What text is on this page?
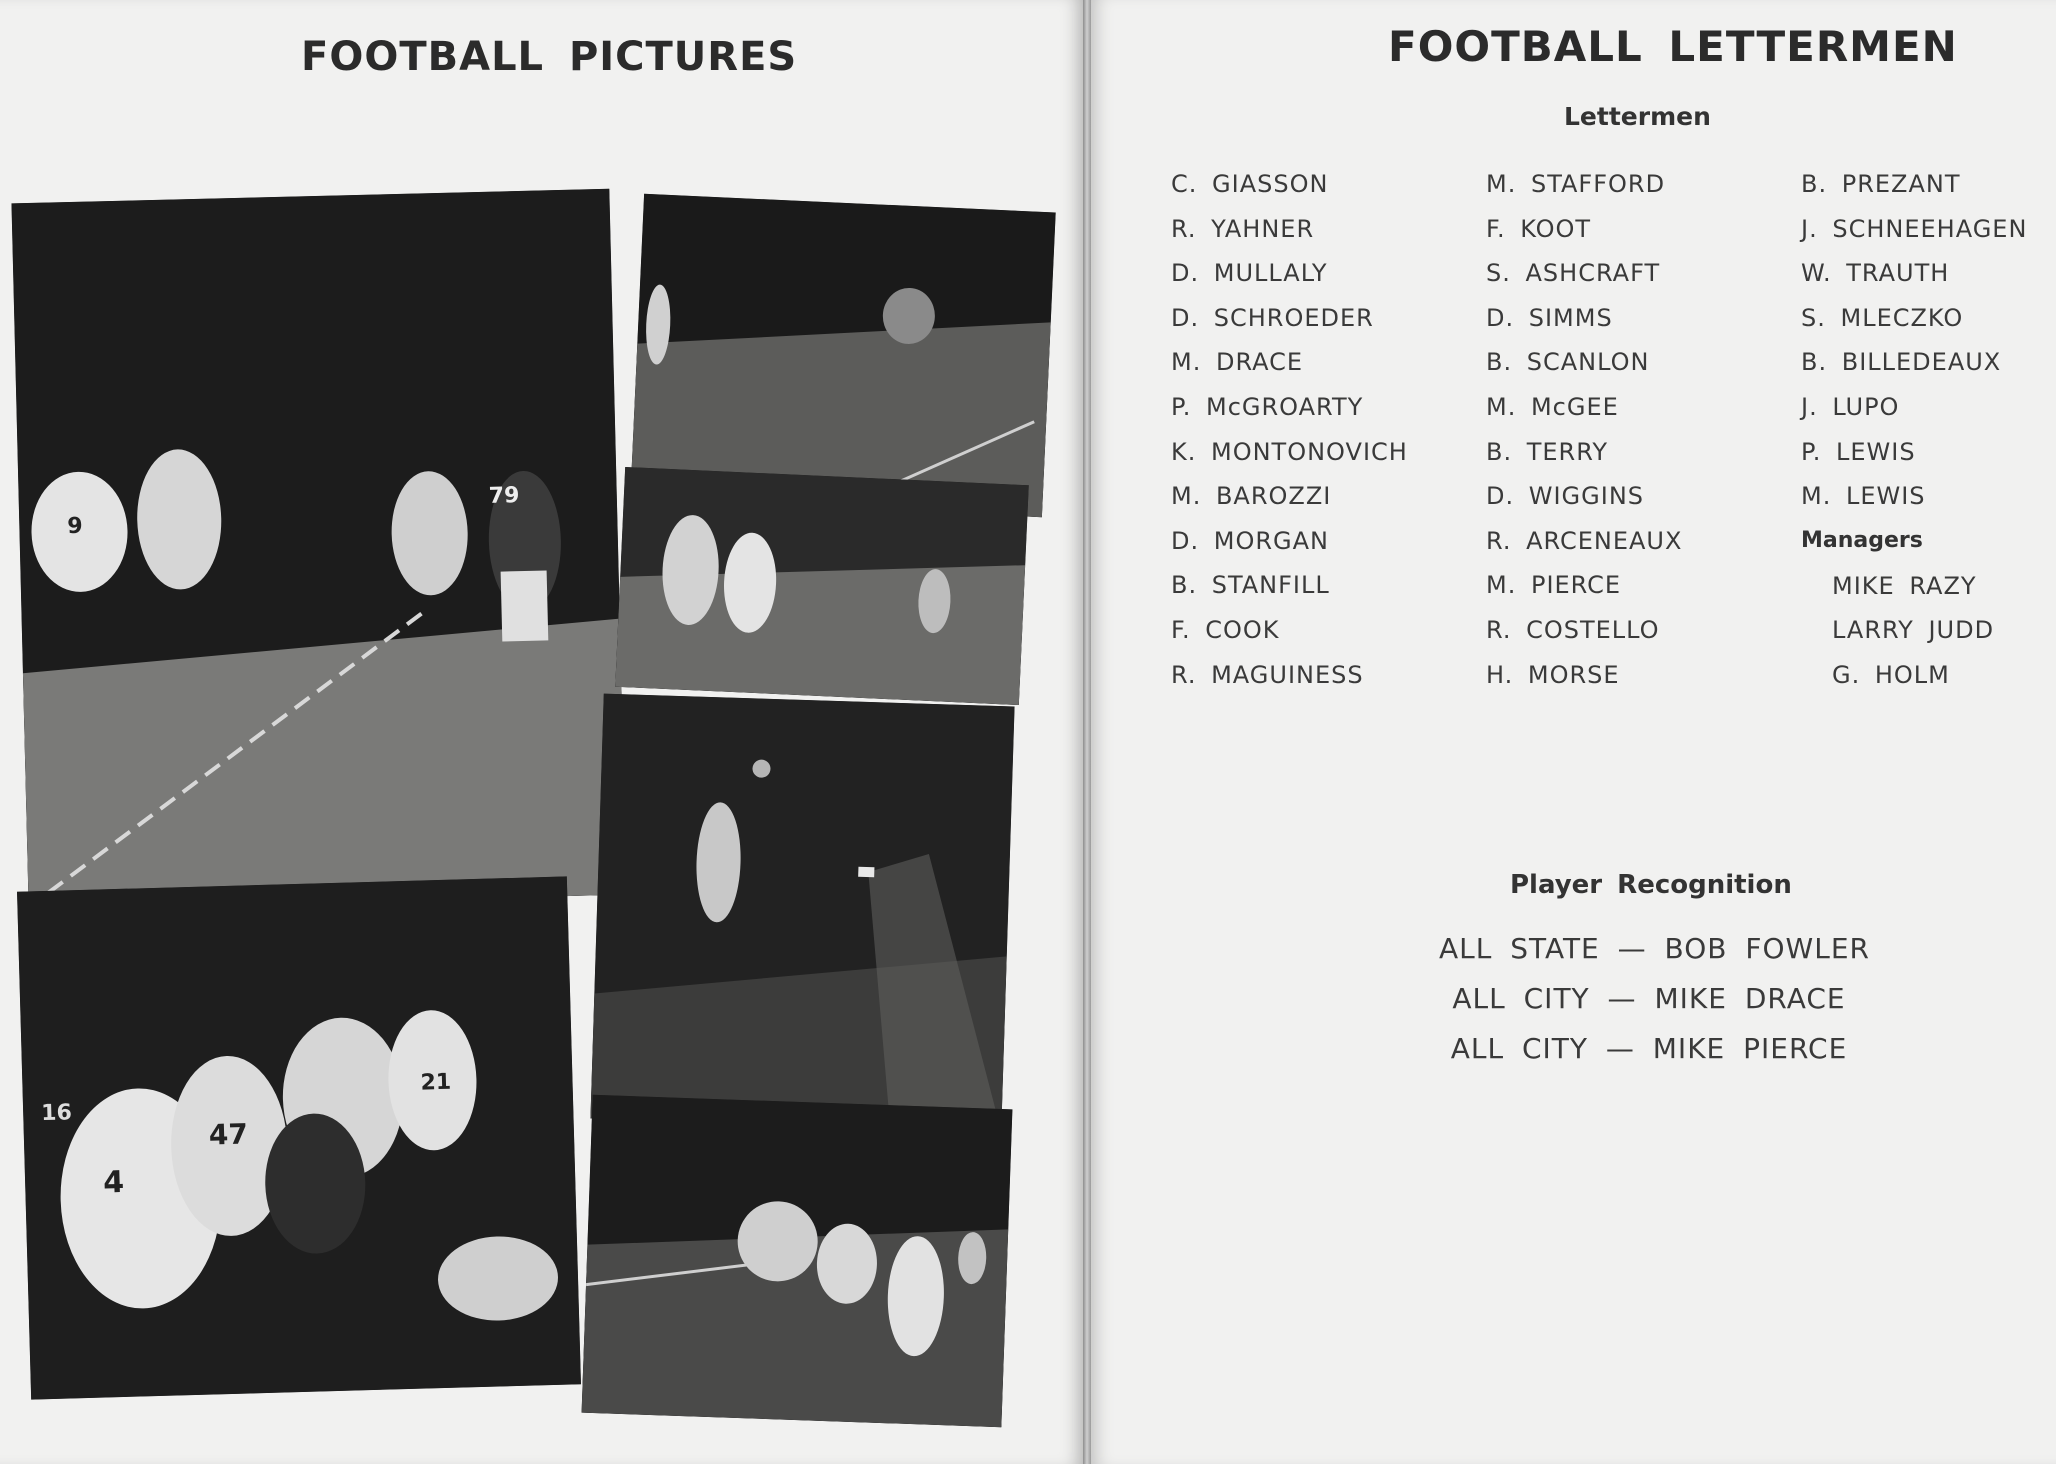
FOOTBALL PICTURES
9
79
16
4
47
21
FOOTBALL LETTERMEN
Lettermen
C. GIASSON
R. YAHNER
D. MULLALY
D. SCHROEDER
M. DRACE
P. McGROARTY
K. MONTONOVICH
M. BAROZZI
D. MORGAN
B. STANFILL
F. COOK
R. MAGUINESS
M. STAFFORD
F. KOOT
S. ASHCRAFT
D. SIMMS
B. SCANLON
M. McGEE
B. TERRY
D. WIGGINS
R. ARCENEAUX
M. PIERCE
R. COSTELLO
H. MORSE
B. PREZANT
J. SCHNEEHAGEN
W. TRAUTH
S. MLECZKO
B. BILLEDEAUX
J. LUPO
P. LEWIS
M. LEWIS
Managers
MIKE RAZY
LARRY JUDD
G. HOLM
Player Recognition
ALL STATE — BOB FOWLER
ALL CITY — MIKE DRACE
ALL CITY — MIKE PIERCE
